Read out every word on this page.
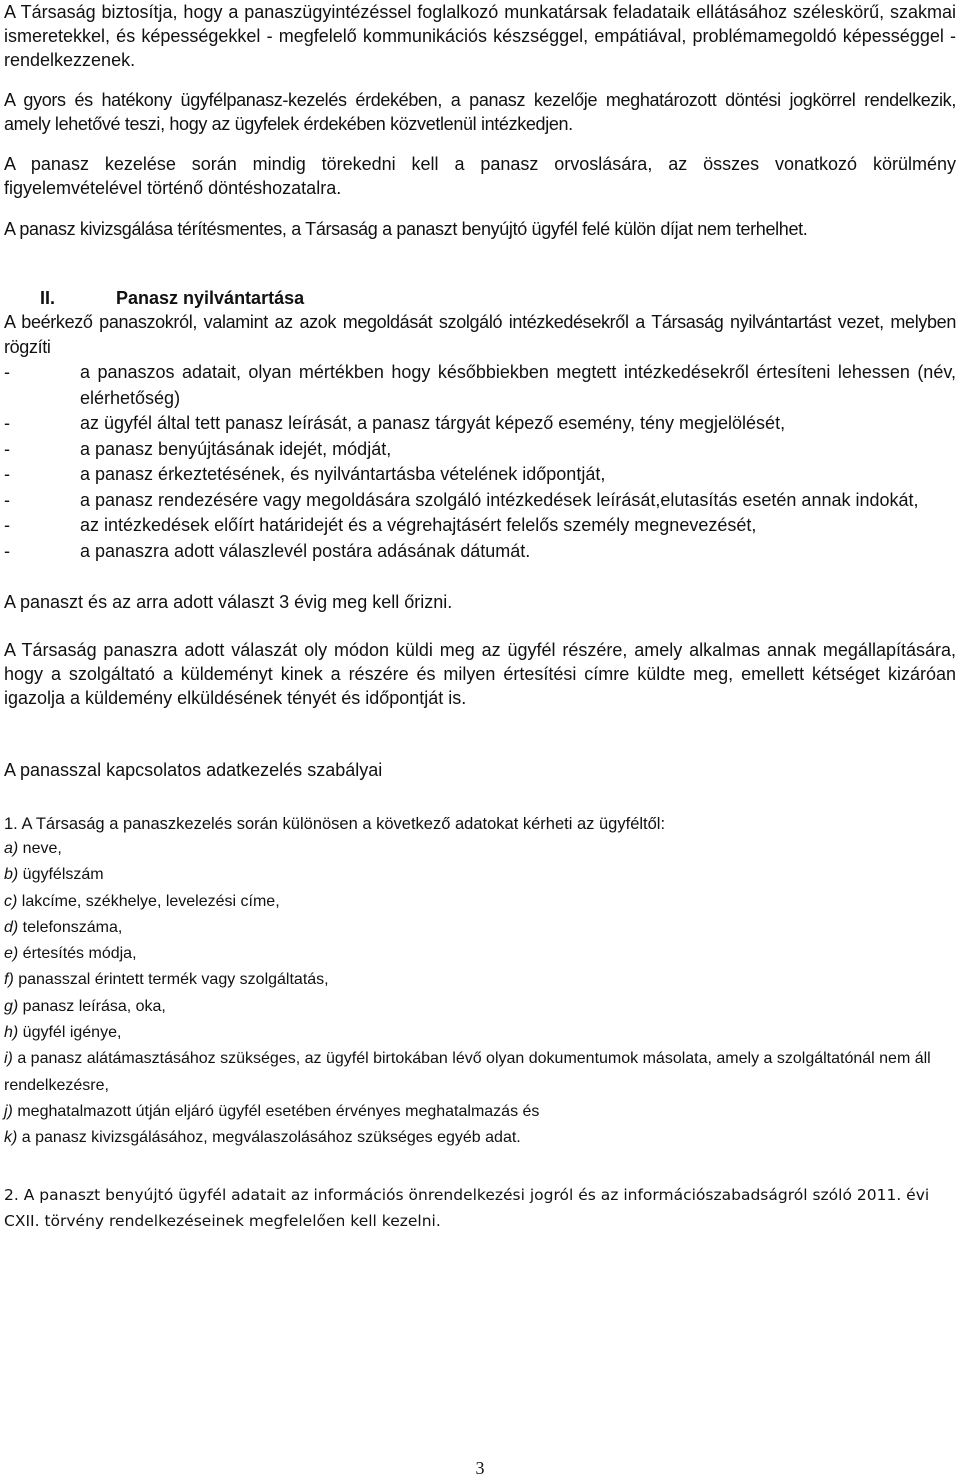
A Társaság biztosítja, hogy a panaszügyintézéssel foglalkozó munkatársak feladataik ellátásához széleskörű, szakmai ismeretekkel, és képességekkel - megfelelő kommunikációs készséggel, empátiával, problémamegoldó képességgel - rendelkezzenek.

A gyors és hatékony ügyfélpanasz-kezelés érdekében, a panasz kezelője meghatározott döntési jogkörrel rendelkezik, amely lehetővé teszi, hogy az ügyfelek érdekében közvetlenül intézkedjen.

A panasz kezelése során mindig törekedni kell a panasz orvoslására, az összes vonatkozó körülmény figyelemvételével történő döntéshozatalra.

A panasz kivizsgálása térítésmentes, a Társaság a panaszt benyújtó ügyfél felé külön díjat nem terhelhet.

II.	Panasz nyilvántartása

A beérkező panaszokról, valamint az azok megoldását szolgáló intézkedésekről a Társaság nyilvántartást vezet, melyben rögzíti

-	a panaszos adatait, olyan mértékben hogy későbbiekben megtett intézkedésekről értesíteni lehessen (név, elérhetőség)
-	az ügyfél által tett panasz leírását, a panasz tárgyát képező esemény, tény megjelölését,
-	a panasz benyújtásának idejét, módját,
-	a panasz érkeztetésének, és nyilvántartásba vételének időpontját,
-	a panasz rendezésére vagy megoldására szolgáló intézkedések leírását,elutasítás esetén annak indokát,
-	az intézkedések előírt határidejét és a végrehajtásért felelős személy megnevezését,
-	a panaszra adott válaszlevél postára adásának dátumát.

A panaszt és az arra adott választ 3 évig meg kell őrizni.

A Társaság panaszra adott válaszát oly módon küldi meg az ügyfél részére, amely alkalmas annak megállapítására, hogy a szolgáltató a küldeményt kinek a részére és milyen értesítési címre küldte meg, emellett kétséget kizáróan igazolja a küldemény elküldésének tényét és időpontját is.

A panasszal kapcsolatos adatkezelés szabályai

1. A Társaság a panaszkezelés során különösen a következő adatokat kérheti az ügyféltől:

a) neve,
b) ügyfélszám
c) lakcíme, székhelye, levelezési címe,
d) telefonszáma,
e) értesítés módja,
f) panasszal érintett termék vagy szolgáltatás,
g) panasz leírása, oka,
h) ügyfél igénye,
i) a panasz alátámasztásához szükséges, az ügyfél birtokában lévő olyan dokumentumok másolata, amely a szolgáltatónál nem áll rendelkezésre,
j) meghatalmazott útján eljáró ügyfél esetében érvényes meghatalmazás és
k) a panasz kivizsgálásához, megválaszolásához szükséges egyéb adat.

2. A panaszt benyújtó ügyfél adatait az információs önrendelkezési jogról és az információszabadságról szóló 2011. évi CXII. törvény rendelkezéseinek megfelelően kell kezelni.

3
